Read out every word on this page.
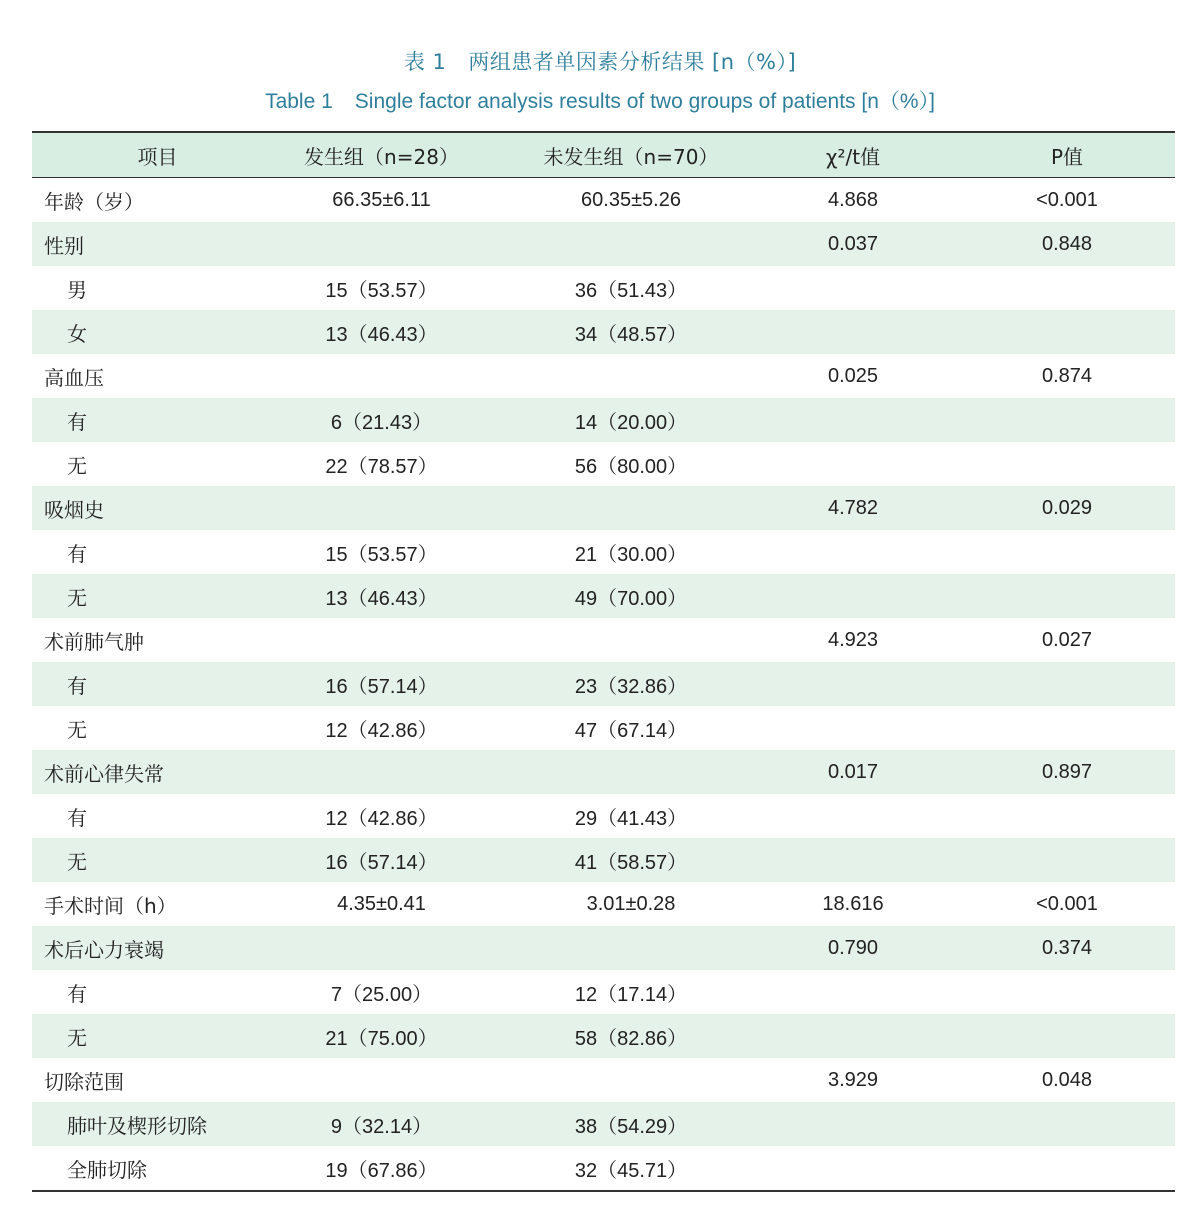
表 1 两组患者单因素分析结果 [n（%）]
Table 1 Single factor analysis results of two groups of patients [n（%）]
项目	发生组（n=28）	未发生组（n=70）	χ²/t值	P值
年龄（岁）	66.35±6.11	60.35±5.26	4.868	<0.001
性别			0.037	0.848
男	15（53.57）	36（51.43）		
女	13（46.43）	34（48.57）		
高血压			0.025	0.874
有	6（21.43）	14（20.00）		
无	22（78.57）	56（80.00）		
吸烟史			4.782	0.029
有	15（53.57）	21（30.00）		
无	13（46.43）	49（70.00）		
术前肺气肿			4.923	0.027
有	16（57.14）	23（32.86）		
无	12（42.86）	47（67.14）		
术前心律失常			0.017	0.897
有	12（42.86）	29（41.43）		
无	16（57.14）	41（58.57）		
手术时间（h）	4.35±0.41	3.01±0.28	18.616	<0.001
术后心力衰竭			0.790	0.374
有	7（25.00）	12（17.14）		
无	21（75.00）	58（82.86）		
切除范围			3.929	0.048
肺叶及楔形切除	9（32.14）	38（54.29）		
全肺切除	19（67.86）	32（45.71）		
